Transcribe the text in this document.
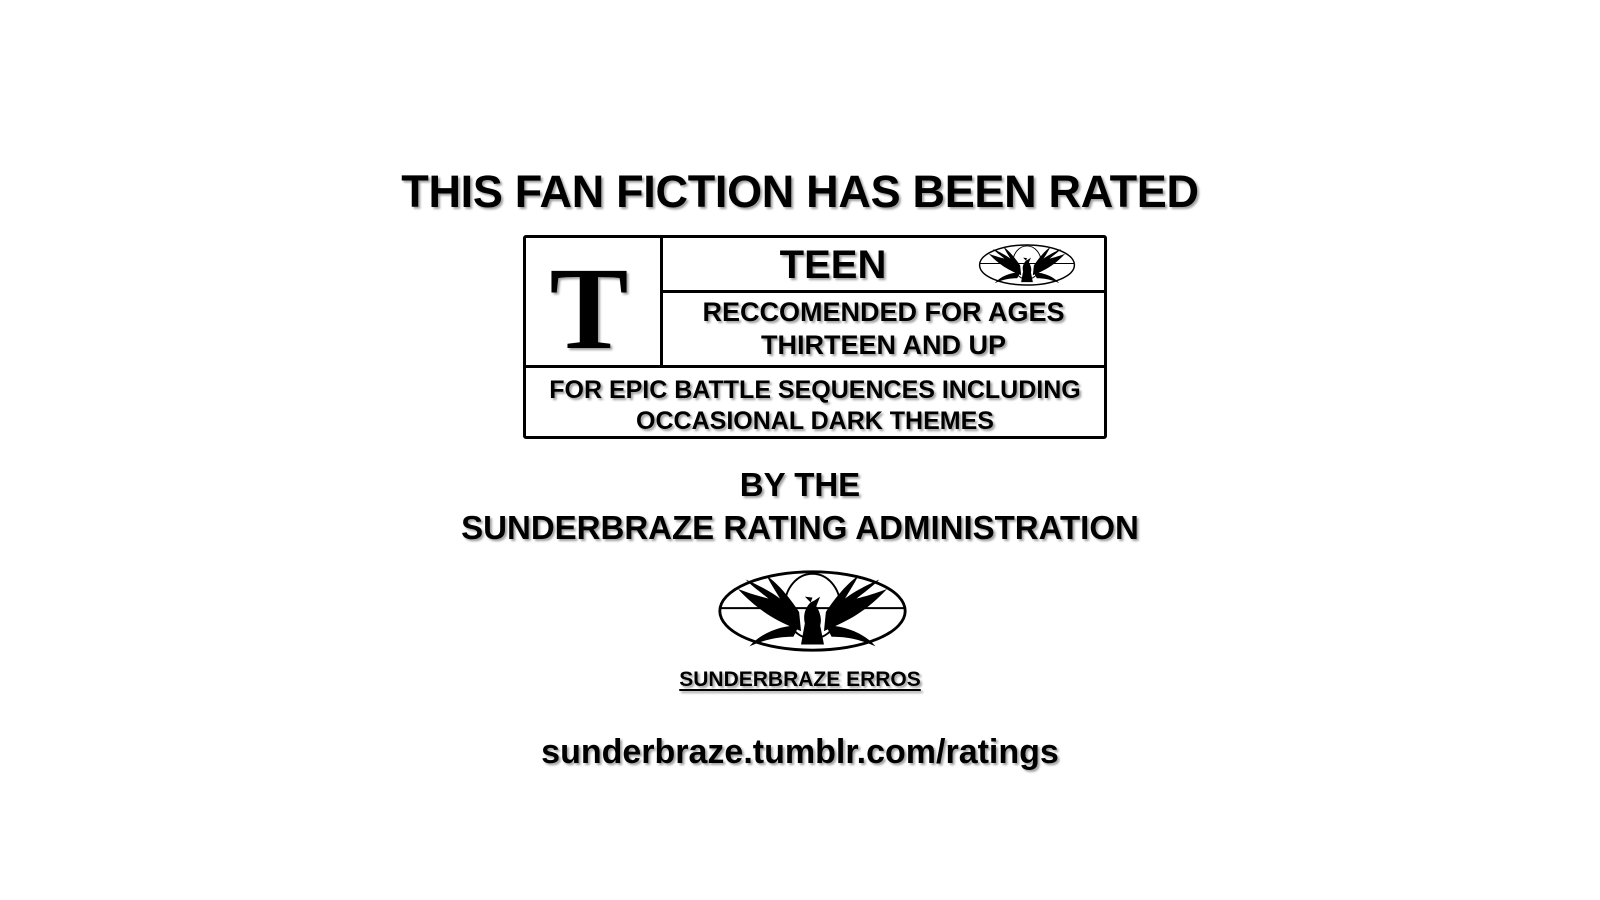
THIS FAN FICTION HAS BEEN RATED
T	TEEN
RECCOMENDED FOR AGES
THIRTEEN AND UP
FOR EPIC BATTLE SEQUENCES INCLUDING
OCCASIONAL DARK THEMES
BY THE
SUNDERBRAZE RATING ADMINISTRATION
SUNDERBRAZE ERROS
sunderbraze.tumblr.com/ratings
